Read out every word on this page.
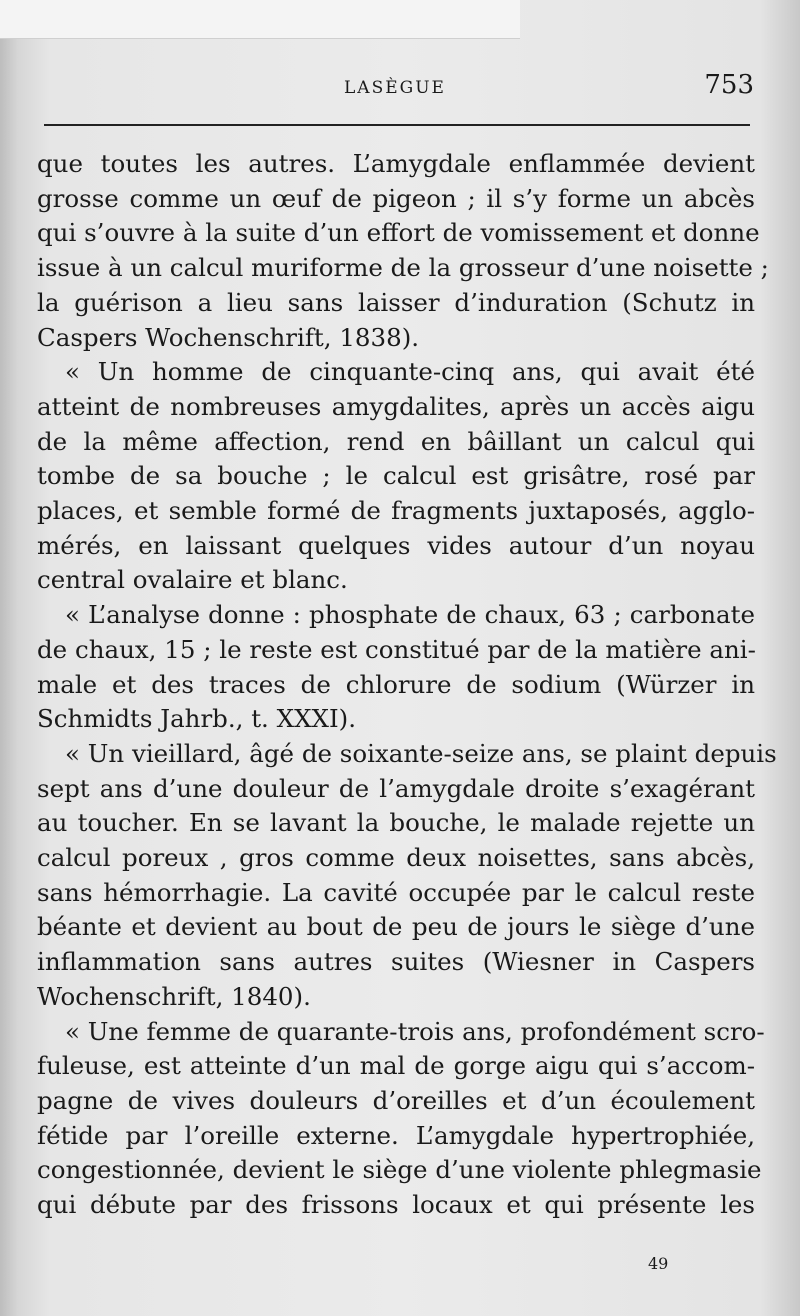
LASÈGUE	753
que toutes les autres. L’amygdale enflammée devient
grosse comme un œuf de pigeon ; il s’y forme un abcès
qui s’ouvre à la suite d’un effort de vomissement et donne
issue à un calcul muriforme de la grosseur d’une noisette ;
la guérison a lieu sans laisser d’induration (Schutz in
Caspers Wochenschrift, 1838).
« Un homme de cinquante-cinq ans, qui avait été
atteint de nombreuses amygdalites, après un accès aigu
de la même affection, rend en bâillant un calcul qui
tombe de sa bouche ; le calcul est grisâtre, rosé par
places, et semble formé de fragments juxtaposés, agglo-
mérés, en laissant quelques vides autour d’un noyau
central ovalaire et blanc.
« L’analyse donne : phosphate de chaux, 63 ; carbonate
de chaux, 15 ; le reste est constitué par de la matière ani-
male et des traces de chlorure de sodium (Würzer in
Schmidts Jahrb., t. XXXI).
« Un vieillard, âgé de soixante-seize ans, se plaint depuis
sept ans d’une douleur de l’amygdale droite s’exagérant
au toucher. En se lavant la bouche, le malade rejette un
calcul poreux , gros comme deux noisettes, sans abcès,
sans hémorrhagie. La cavité occupée par le calcul reste
béante et devient au bout de peu de jours le siège d’une
inflammation sans autres suites (Wiesner in Caspers
Wochenschrift, 1840).
« Une femme de quarante-trois ans, profondément scro-
fuleuse, est atteinte d’un mal de gorge aigu qui s’accom-
pagne de vives douleurs d’oreilles et d’un écoulement
fétide par l’oreille externe. L’amygdale hypertrophiée,
congestionnée, devient le siège d’une violente phlegmasie
qui débute par des frissons locaux et qui présente les
49
